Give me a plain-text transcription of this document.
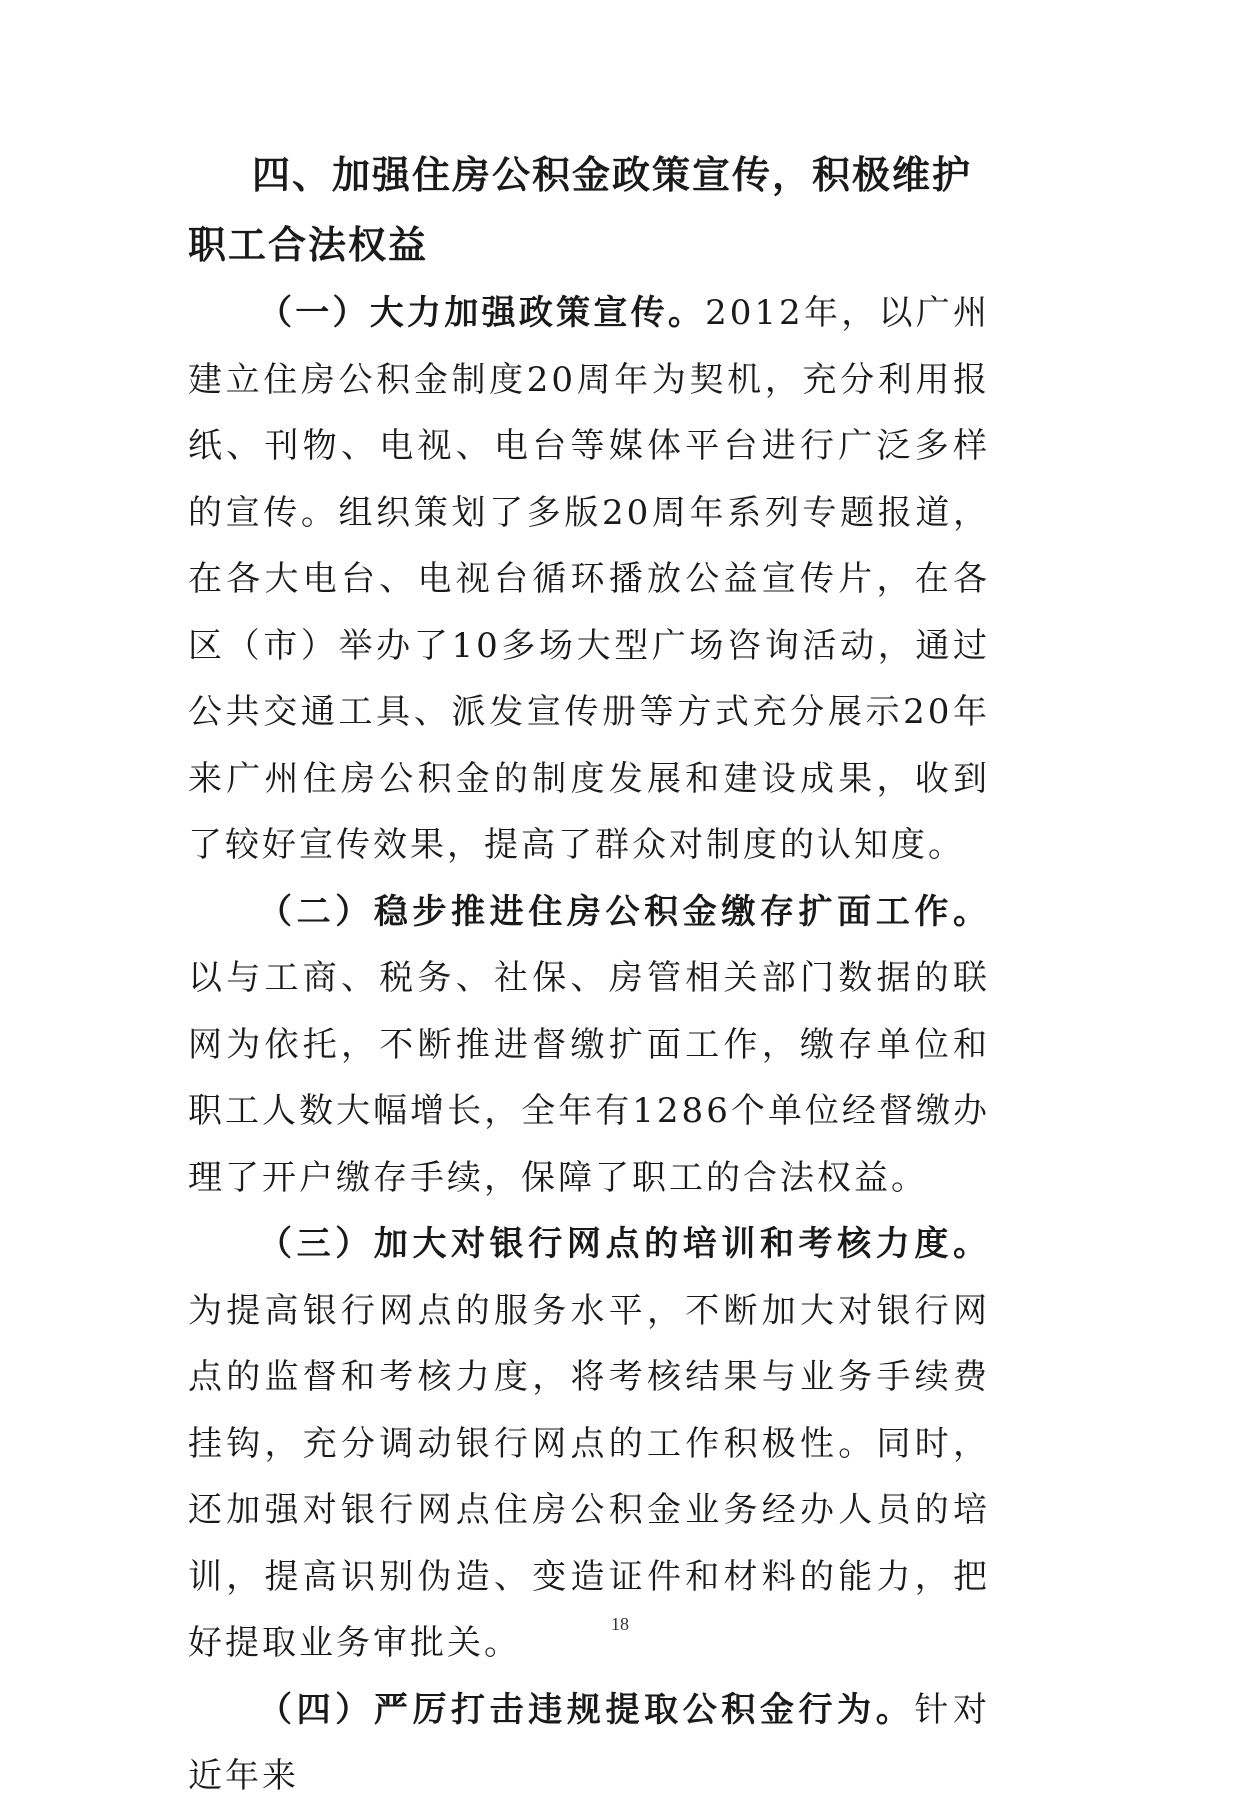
四、加强住房公积金政策宣传，积极维护职工合法权益

（一）大力加强政策宣传。2012年，以广州建立住房公积金制度20周年为契机，充分利用报纸、刊物、电视、电台等媒体平台进行广泛多样的宣传。组织策划了多版20周年系列专题报道，在各大电台、电视台循环播放公益宣传片，在各区（市）举办了10多场大型广场咨询活动，通过公共交通工具、派发宣传册等方式充分展示20年来广州住房公积金的制度发展和建设成果，收到了较好宣传效果，提高了群众对制度的认知度。

（二）稳步推进住房公积金缴存扩面工作。以与工商、税务、社保、房管相关部门数据的联网为依托，不断推进督缴扩面工作，缴存单位和职工人数大幅增长，全年有1286个单位经督缴办理了开户缴存手续，保障了职工的合法权益。

（三）加大对银行网点的培训和考核力度。为提高银行网点的服务水平，不断加大对银行网点的监督和考核力度，将考核结果与业务手续费挂钩，充分调动银行网点的工作积极性。同时，还加强对银行网点住房公积金业务经办人员的培训，提高识别伪造、变造证件和材料的能力，把好提取业务审批关。

（四）严厉打击违规提取公积金行为。针对近年来

18
